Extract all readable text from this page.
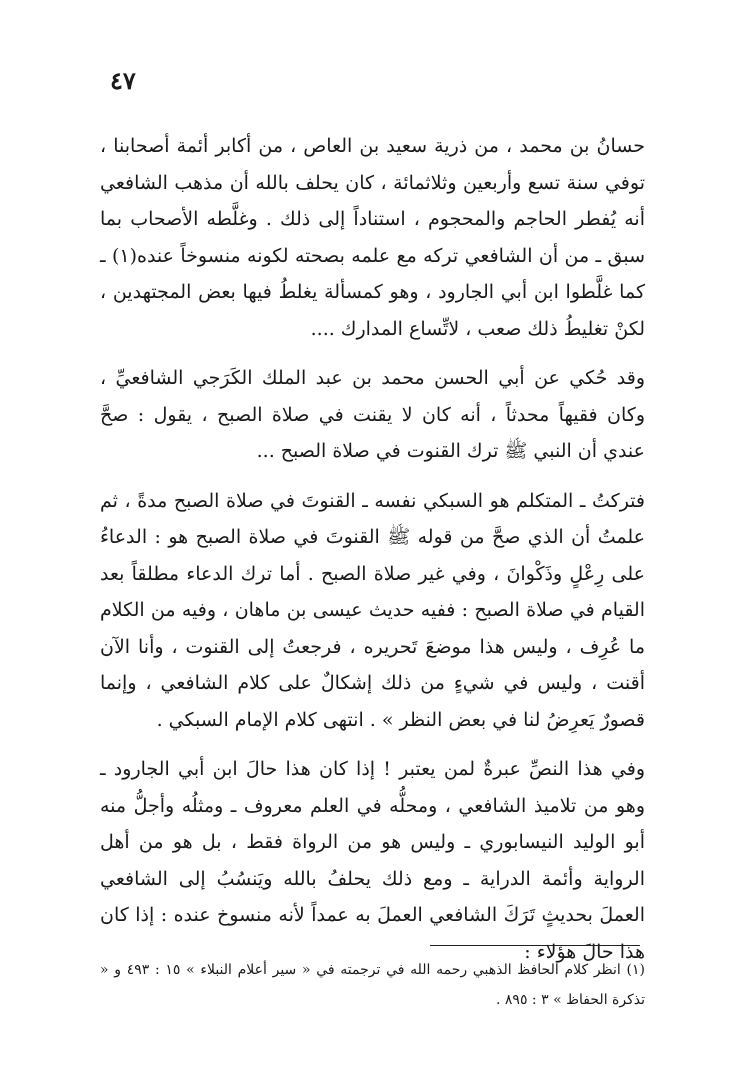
٤٧

حسانُ بن محمد ، من ذرية سعيد بن العاص ، من أكابر أئمة أصحابنا ، توفي سنة تسع وأربعين وثلاثمائة ، كان يحلف بالله أن مذهب الشافعي أنه يُفطر الحاجم والمحجوم ، استناداً إلى ذلك . وغلَّطه الأصحاب بما سبق ـ من أن الشافعي تركه مع علمه بصحته لكونه منسوخاً عنده(١) ـ كما غلَّطوا ابن أبي الجارود ، وهو كمسألة يغلطُ فيها بعض المجتهدين ، لكنْ تغليطُ ذلك صعب ، لاتِّساع المدارك ....

وقد حُكي عن أبي الحسن محمد بن عبد الملك الكَرَجي الشافعيِّ ، وكان فقيهاً محدثاً ، أنه كان لا يقنت في صلاة الصبح ، يقول : صحَّ عندي أن النبي ﷺ ترك القنوت في صلاة الصبح ...

فتركتُ ـ المتكلم هو السبكي نفسه ـ القنوتَ في صلاة الصبح مدةً ، ثم علمتُ أن الذي صحَّ من قوله ﷺ القنوتَ في صلاة الصبح هو : الدعاءُ على رِعْلٍ وذَكْوانَ ، وفي غير صلاة الصبح . أما ترك الدعاء مطلقاً بعد القيام في صلاة الصبح : ففيه حديث عيسى بن ماهان ، وفيه من الكلام ما عُرِف ، وليس هذا موضعَ تَحريره ، فرجعتُ إلى القنوت ، وأنا الآن أقنت ، وليس في شيءٍ من ذلك إشكالٌ على كلام الشافعي ، وإنما قصورٌ يَعرِضُ لنا في بعض النظر » . انتهى كلام الإمام السبكي .

وفي هذا النصِّ عبرةٌ لمن يعتبر ! إذا كان هذا حالَ ابن أبي الجارود ـ وهو من تلاميذ الشافعي ، ومحلُّه في العلم معروف ـ ومثلُه وأجلُّ منه أبو الوليد النيسابوري ـ وليس هو من الرواة فقط ، بل هو من أهل الرواية وأئمة الدراية ـ ومع ذلك يحلفُ بالله ويَنسُبُ إلى الشافعي العملَ بحديثٍ تَرَكَ الشافعي العملَ به عمداً لأنه منسوخ عنده : إذا كان هذا حالَ هؤلاء :

(١) انظر كلام الحافظ الذهبي رحمه الله في ترجمته في « سير أعلام النبلاء » ١٥ : ٤٩٣ و « تذكرة الحفاظ » ٣ : ٨٩٥ .
